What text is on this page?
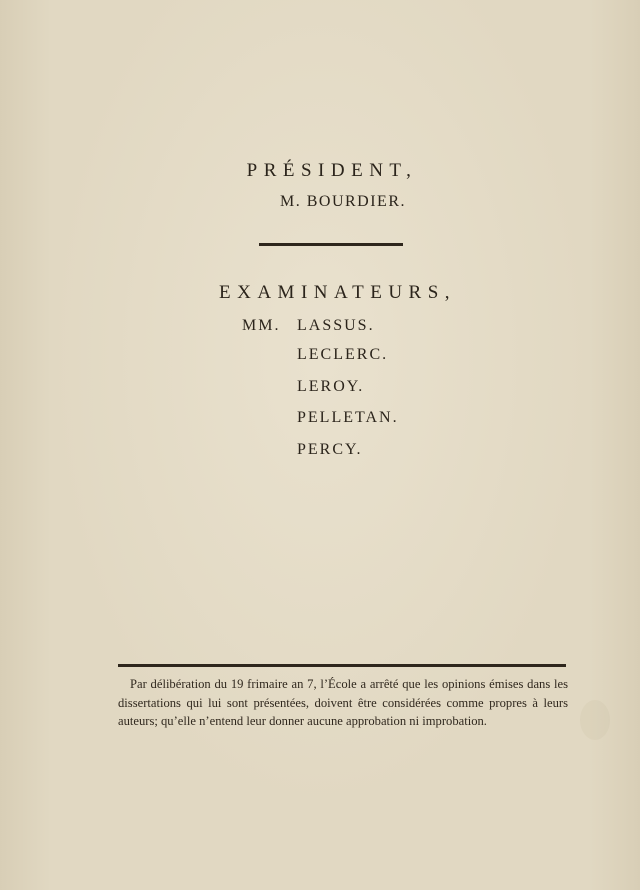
PRÉSIDENT,
M. BOURDIER.
EXAMINATEURS,
MM. LASSUS.
LECLERC.
LEROY.
PELLETAN.
PERCY.
Par délibération du 19 frimaire an 7, l’École a arrêté que les opinions émises dans les dissertations qui lui sont présentées, doivent être considérées comme propres à leurs auteurs; qu’elle n’entend leur donner aucune approbation ni improbation.
